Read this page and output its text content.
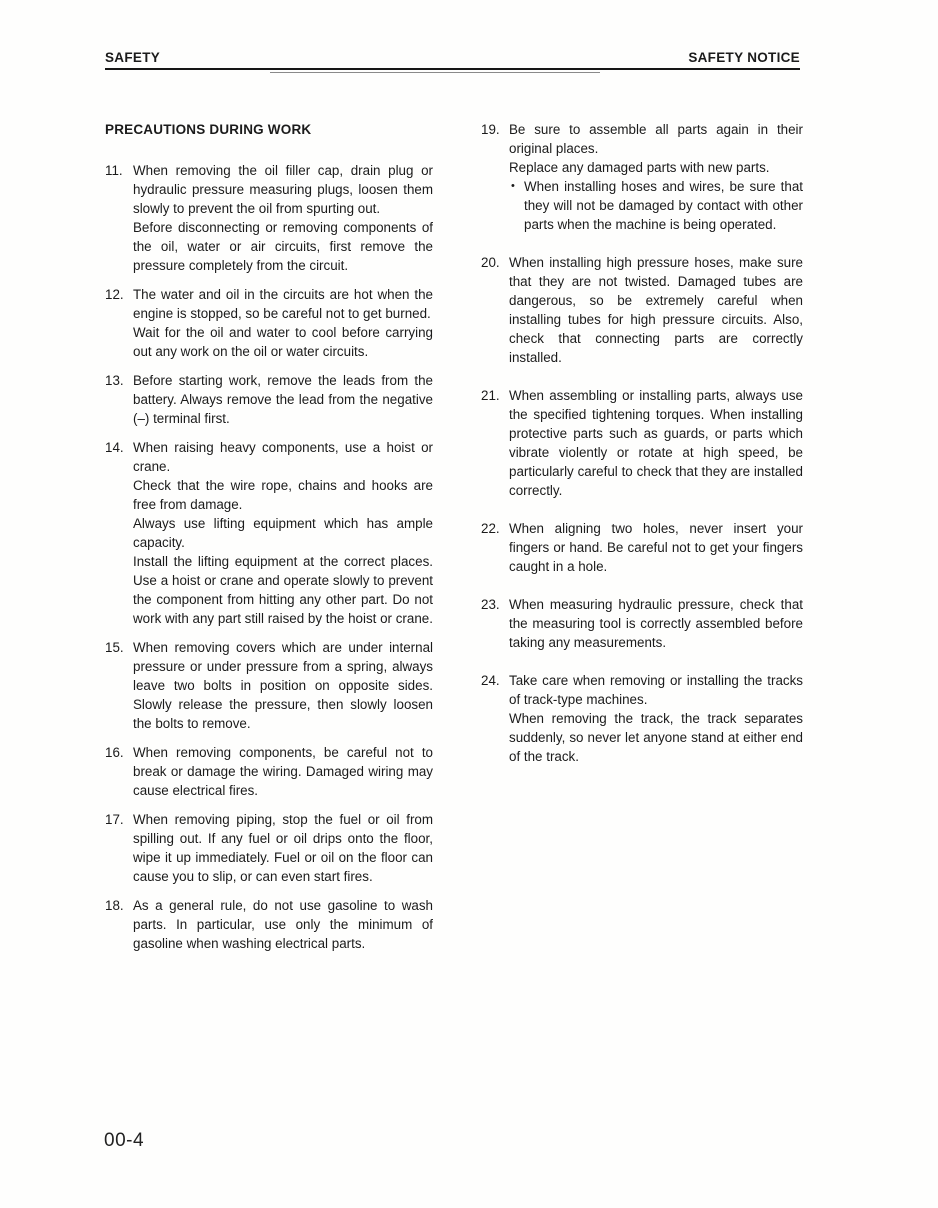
SAFETY	SAFETY NOTICE
PRECAUTIONS DURING WORK
11. When removing the oil filler cap, drain plug or hydraulic pressure measuring plugs, loosen them slowly to prevent the oil from spurting out.
Before disconnecting or removing components of the oil, water or air circuits, first remove the pressure completely from the circuit.
12. The water and oil in the circuits are hot when the engine is stopped, so be careful not to get burned.
Wait for the oil and water to cool before carrying out any work on the oil or water circuits.
13. Before starting work, remove the leads from the battery. Always remove the lead from the negative (–) terminal first.
14. When raising heavy components, use a hoist or crane.
Check that the wire rope, chains and hooks are free from damage.
Always use lifting equipment which has ample capacity.
Install the lifting equipment at the correct places. Use a hoist or crane and operate slowly to prevent the component from hitting any other part. Do not work with any part still raised by the hoist or crane.
15. When removing covers which are under internal pressure or under pressure from a spring, always leave two bolts in position on opposite sides. Slowly release the pressure, then slowly loosen the bolts to remove.
16. When removing components, be careful not to break or damage the wiring. Damaged wiring may cause electrical fires.
17. When removing piping, stop the fuel or oil from spilling out. If any fuel or oil drips onto the floor, wipe it up immediately. Fuel or oil on the floor can cause you to slip, or can even start fires.
18. As a general rule, do not use gasoline to wash parts. In particular, use only the minimum of gasoline when washing electrical parts.
19. Be sure to assemble all parts again in their original places.
Replace any damaged parts with new parts.
• When installing hoses and wires, be sure that they will not be damaged by contact with other parts when the machine is being operated.
20. When installing high pressure hoses, make sure that they are not twisted. Damaged tubes are dangerous, so be extremely careful when installing tubes for high pressure circuits. Also, check that connecting parts are correctly installed.
21. When assembling or installing parts, always use the specified tightening torques. When installing protective parts such as guards, or parts which vibrate violently or rotate at high speed, be particularly careful to check that they are installed correctly.
22. When aligning two holes, never insert your fingers or hand. Be careful not to get your fingers caught in a hole.
23. When measuring hydraulic pressure, check that the measuring tool is correctly assembled before taking any measurements.
24. Take care when removing or installing the tracks of track-type machines.
When removing the track, the track separates suddenly, so never let anyone stand at either end of the track.
00-4
